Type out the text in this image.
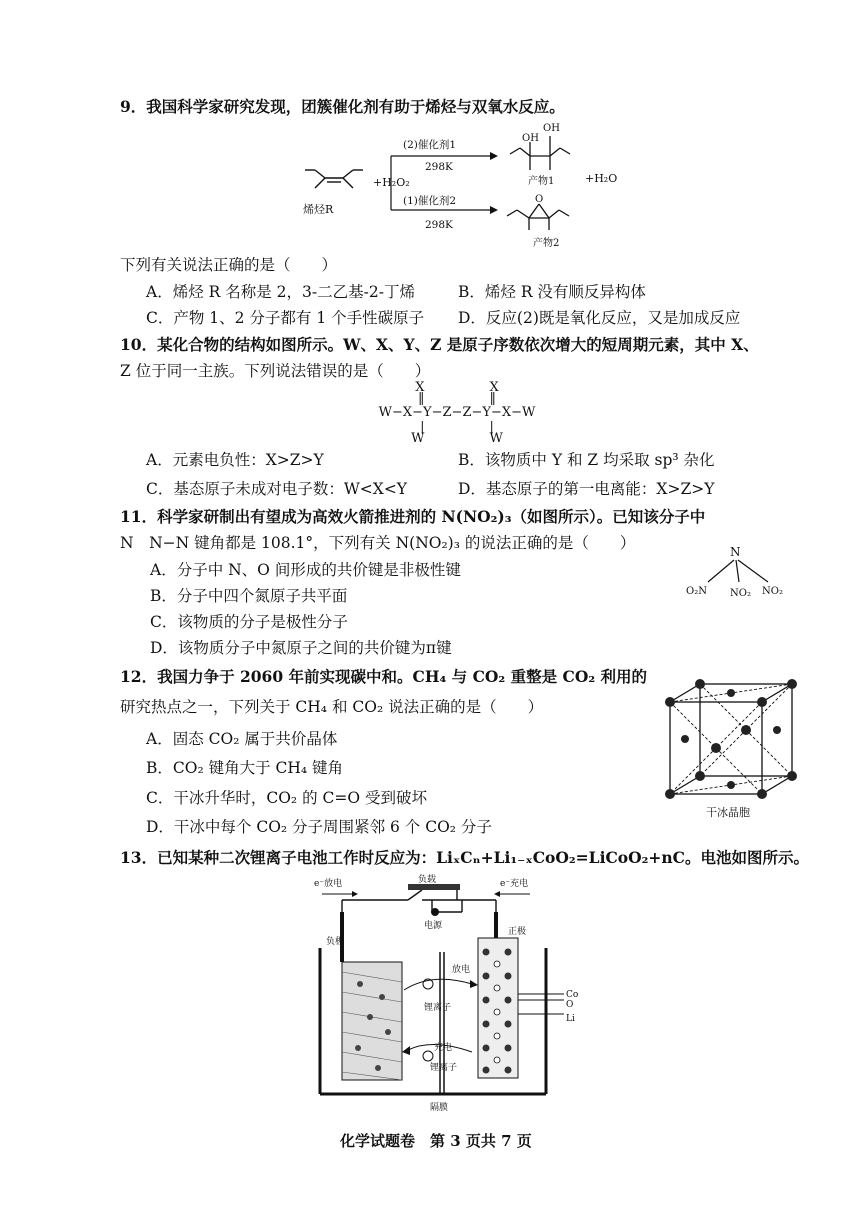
9．我国科学家研究发现，团簇催化剂有助于烯烃与双氧水反应。
烯烃R
+H₂O₂
(2)催化剂1
298K
(1)催化剂2
298K
OH
OH
产物1	+H₂O
O
产物2
下列有关说法正确的是（　　）
A．烯烃 R 名称是 2，3-二乙基-2-丁烯	B．烯烃 R 没有顺反异构体
C．产物 1、2 分子都有 1 个手性碳原子 D．反应(2)既是氧化反应，又是加成反应
10．某化合物的结构如图所示。W、X、Y、Z 是原子序数依次增大的短周期元素，其中 X、
Z 位于同一主族。下列说法错误的是（　　）
X　　　　　X
‖　　　　　‖
W−X−Y−Z−Z−Y−X−W
|　　　　　|
W　　　　　W
A．元素电负性：X>Z>Y	B．该物质中 Y 和 Z 均采取 sp³ 杂化
C．基态原子未成对电子数：W<X<Y	D．基态原子的第一电离能：X>Z>Y
11．科学家研制出有望成为高效火箭推进剂的 N(NO₂)₃（如图所示）。已知该分子中
N　N−N 键角都是 108.1°，下列有关 N(NO₂)₃ 的说法正确的是（　　）
A．分子中 N、O 间形成的共价键是非极性键
B．分子中四个氮原子共平面
C．该物质的分子是极性分子
D．该物质分子中氮原子之间的共价键为π键
N
O₂N NO₂ NO₂
12．我国力争于 2060 年前实现碳中和。CH₄ 与 CO₂ 重整是 CO₂ 利用的
研究热点之一，下列关于 CH₄ 和 CO₂ 说法正确的是（　　）
A．固态 CO₂ 属于共价晶体
B．CO₂ 键角大于 CH₄ 键角
C．干冰升华时，CO₂ 的 C=O 受到破坏
D．干冰中每个 CO₂ 分子周围紧邻 6 个 CO₂ 分子
干冰晶胞
13．已知某种二次锂离子电池工作时反应为：LiₓCₙ+Li₁₋ₓCoO₂=LiCoO₂+nC。电池如图所示。
负载
电源
e⁻放电	e⁻充电
负极
正极
隔膜
放电
锂离子
充电
锂离子
Co
O
Li
化学试题卷　第 3 页共 7 页
